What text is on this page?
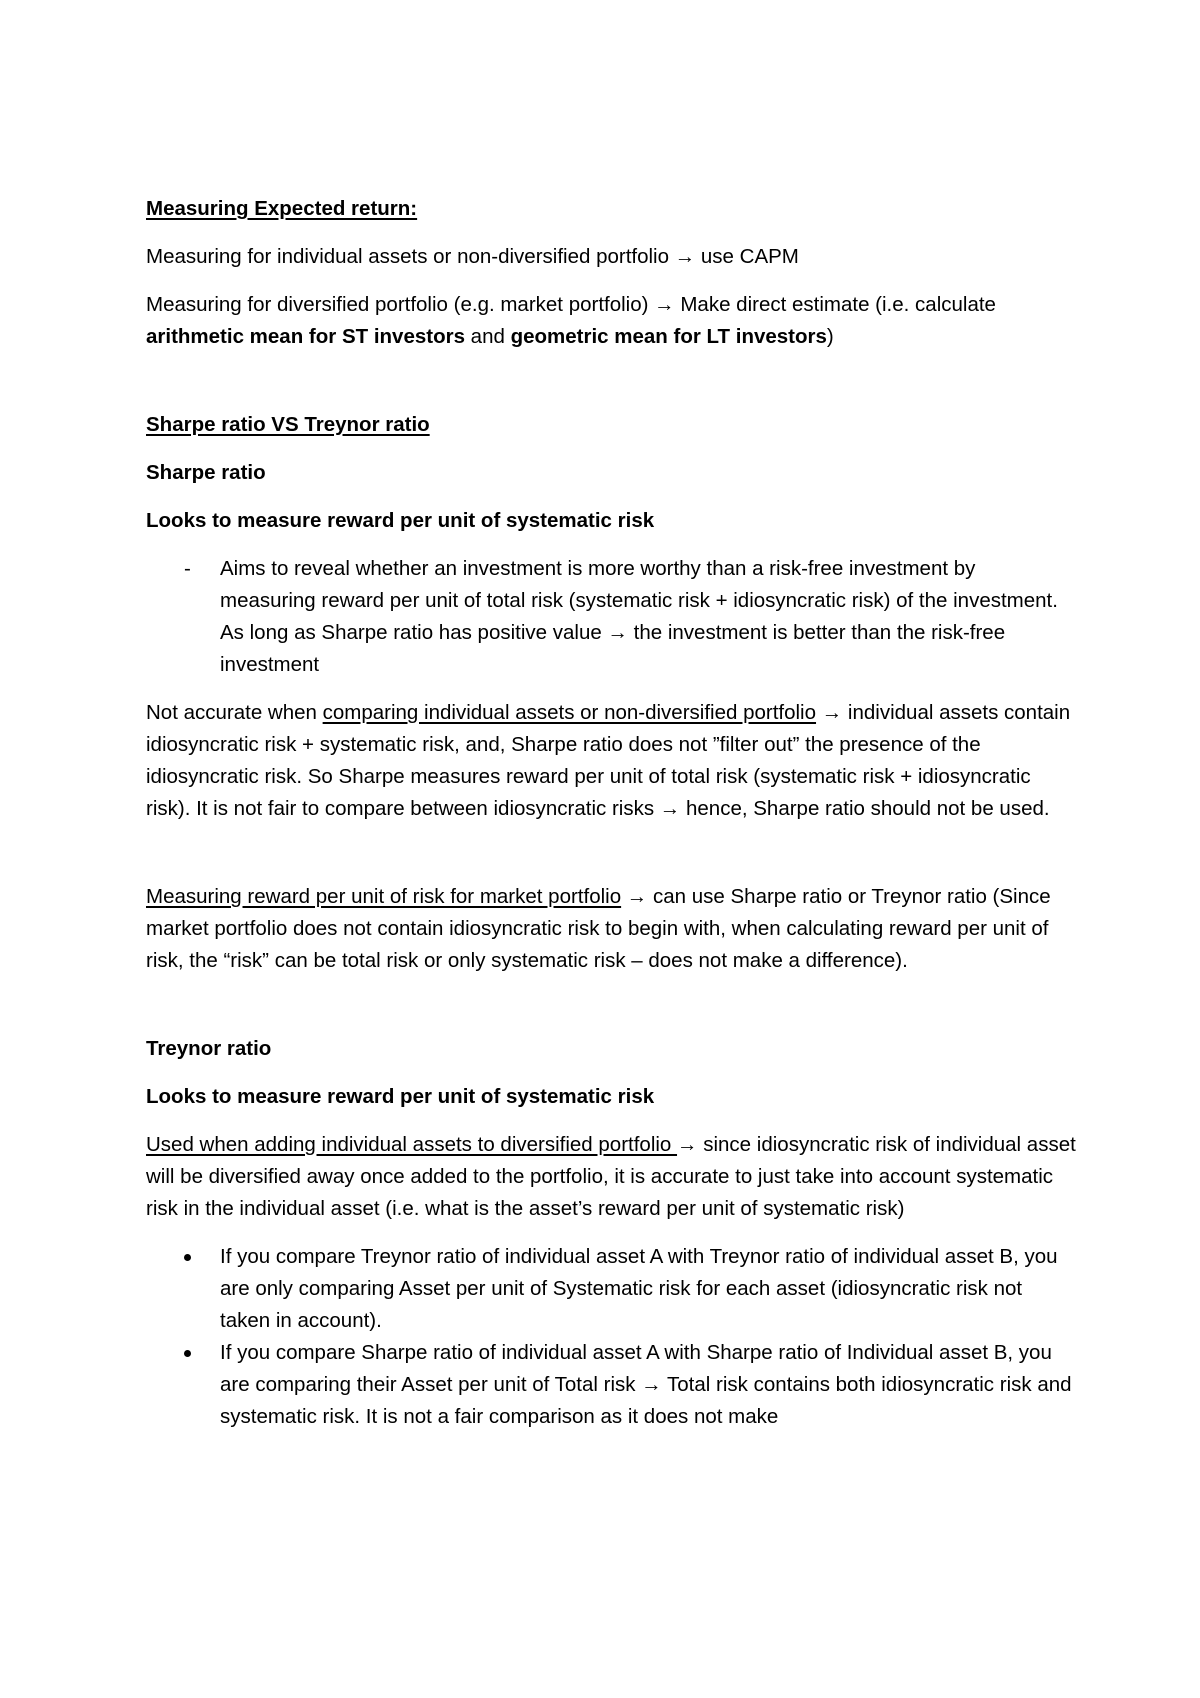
Measuring Expected return:

Measuring for individual assets or non-diversified portfolio → use CAPM

Measuring for diversified portfolio (e.g. market portfolio) → Make direct estimate (i.e. calculate arithmetic mean for ST investors and geometric mean for LT investors)

Sharpe ratio VS Treynor ratio

Sharpe ratio

Looks to measure reward per unit of systematic risk

- Aims to reveal whether an investment is more worthy than a risk-free investment by measuring reward per unit of total risk (systematic risk + idiosyncratic risk) of the investment. As long as Sharpe ratio has positive value → the investment is better than the risk-free investment

Not accurate when comparing individual assets or non-diversified portfolio → individual assets contain idiosyncratic risk + systematic risk, and, Sharpe ratio does not ”filter out” the presence of the idiosyncratic risk. So Sharpe measures reward per unit of total risk (systematic risk + idiosyncratic risk). It is not fair to compare between idiosyncratic risks → hence, Sharpe ratio should not be used.

Measuring reward per unit of risk for market portfolio → can use Sharpe ratio or Treynor ratio (Since market portfolio does not contain idiosyncratic risk to begin with, when calculating reward per unit of risk, the “risk” can be total risk or only systematic risk – does not make a difference).

Treynor ratio

Looks to measure reward per unit of systematic risk

Used when adding individual assets to diversified portfolio → since idiosyncratic risk of individual asset will be diversified away once added to the portfolio, it is accurate to just take into account systematic risk in the individual asset (i.e. what is the asset’s reward per unit of systematic risk)

If you compare Treynor ratio of individual asset A with Treynor ratio of individual asset B, you are only comparing Asset per unit of Systematic risk for each asset (idiosyncratic risk not taken in account).

If you compare Sharpe ratio of individual asset A with Sharpe ratio of Individual asset B, you are comparing their Asset per unit of Total risk → Total risk contains both idiosyncratic risk and systematic risk. It is not a fair comparison as it does not make
